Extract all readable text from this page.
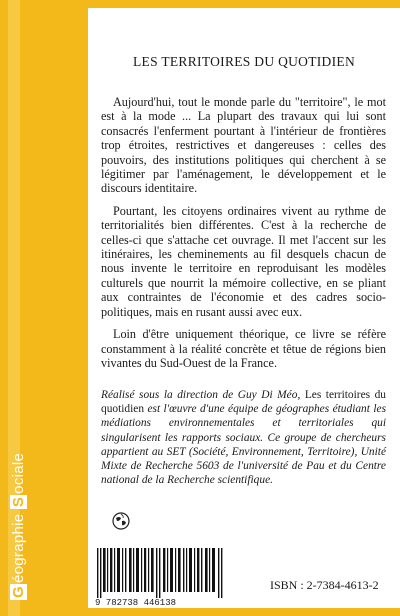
Géographie Sociale
LES TERRITOIRES DU QUOTIDIEN

Aujourd'hui, tout le monde parle du "territoire", le mot est à la mode ... La plupart des travaux qui lui sont consacrés l'enferment pourtant à l'intérieur de frontières trop étroites, restrictives et dangereuses : celles des pouvoirs, des institutions politiques qui cherchent à se légitimer par l'aménagement, le développement et le discours identitaire.

Pourtant, les citoyens ordinaires vivent au rythme de territorialités bien différentes. C'est à la recherche de celles-ci que s'attache cet ouvrage. Il met l'accent sur les itinéraires, les cheminements au fil desquels chacun de nous invente le territoire en reproduisant les modèles culturels que nourrit la mémoire collective, en se pliant aux contraintes de l'économie et des cadres socio-politiques, mais en rusant aussi avec eux.

Loin d'être uniquement théorique, ce livre se réfère constamment à la réalité concrète et têtue de régions bien vivantes du Sud-Ouest de la France.

Réalisé sous la direction de Guy Di Méo, Les territoires du quotidien est l'œuvre d'une équipe de géographes étudiant les médiations environnementales et territoriales qui singularisent les rapports sociaux. Ce groupe de chercheurs appartient au SET (Société, Environnement, Territoire), Unité Mixte de Recherche 5603 de l'université de Pau et du Centre national de la Recherche scientifique.
9 782738 446138
ISBN : 2-7384-4613-2
